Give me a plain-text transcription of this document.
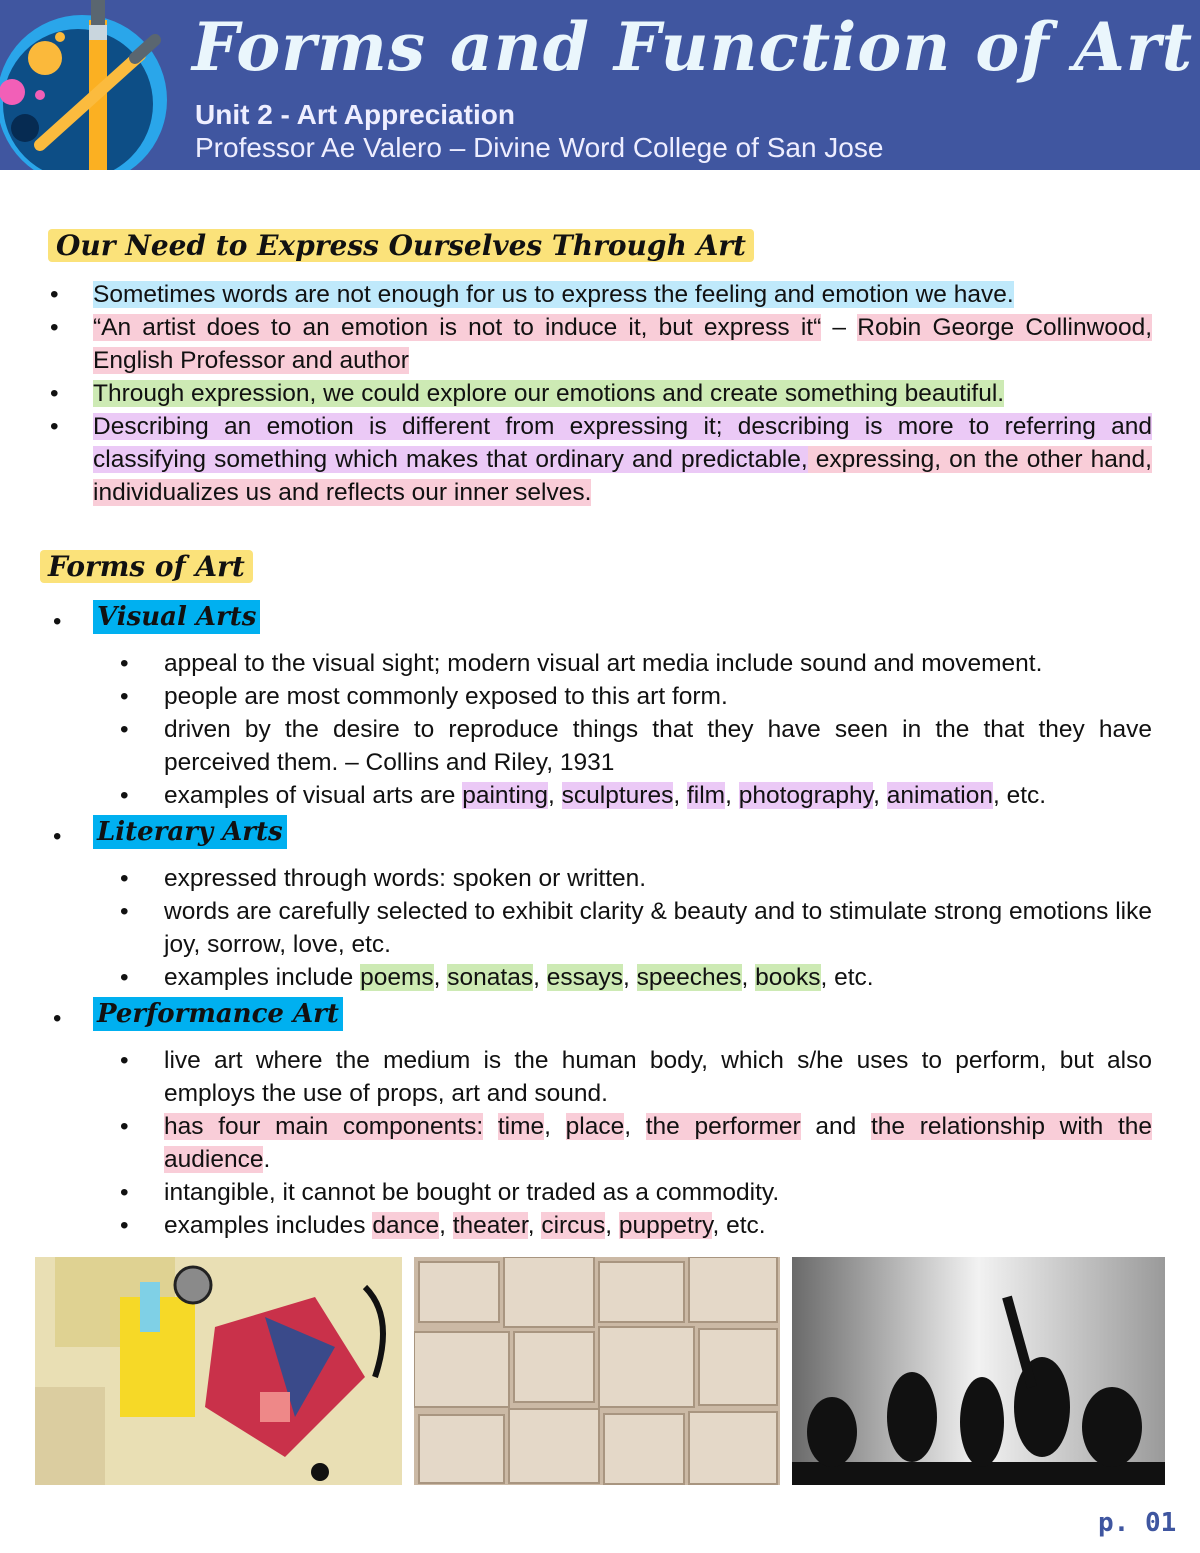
Forms and Function of Art
Unit 2 - Art Appreciation
Professor Ae Valero – Divine Word College of San Jose
Our Need to Express Ourselves Through Art
• Sometimes words are not enough for us to express the feeling and emotion we have.
• “An artist does to an emotion is not to induce it, but express it“ – Robin George Collinwood, English Professor and author
• Through expression, we could explore our emotions and create something beautiful.
• Describing an emotion is different from expressing it; describing is more to referring and classifying something which makes that ordinary and predictable, expressing, on the other hand, individualizes us and reflects our inner selves.
Forms of Art
• Visual Arts
• appeal to the visual sight; modern visual art media include sound and movement.
• people are most commonly exposed to this art form.
• driven by the desire to reproduce things that they have seen in the that they have perceived them. – Collins and Riley, 1931
• examples of visual arts are painting, sculptures, film, photography, animation, etc.
• Literary Arts
• expressed through words: spoken or written.
• words are carefully selected to exhibit clarity & beauty and to stimulate strong emotions like joy, sorrow, love, etc.
• examples include poems, sonatas, essays, speeches, books, etc.
• Performance Art
• live art where the medium is the human body, which s/he uses to perform, but also employs the use of props, art and sound.
• has four main components: time, place, the performer and the relationship with the audience.
• intangible, it cannot be bought or traded as a commodity.
• examples includes dance, theater, circus, puppetry, etc.
p. 01
